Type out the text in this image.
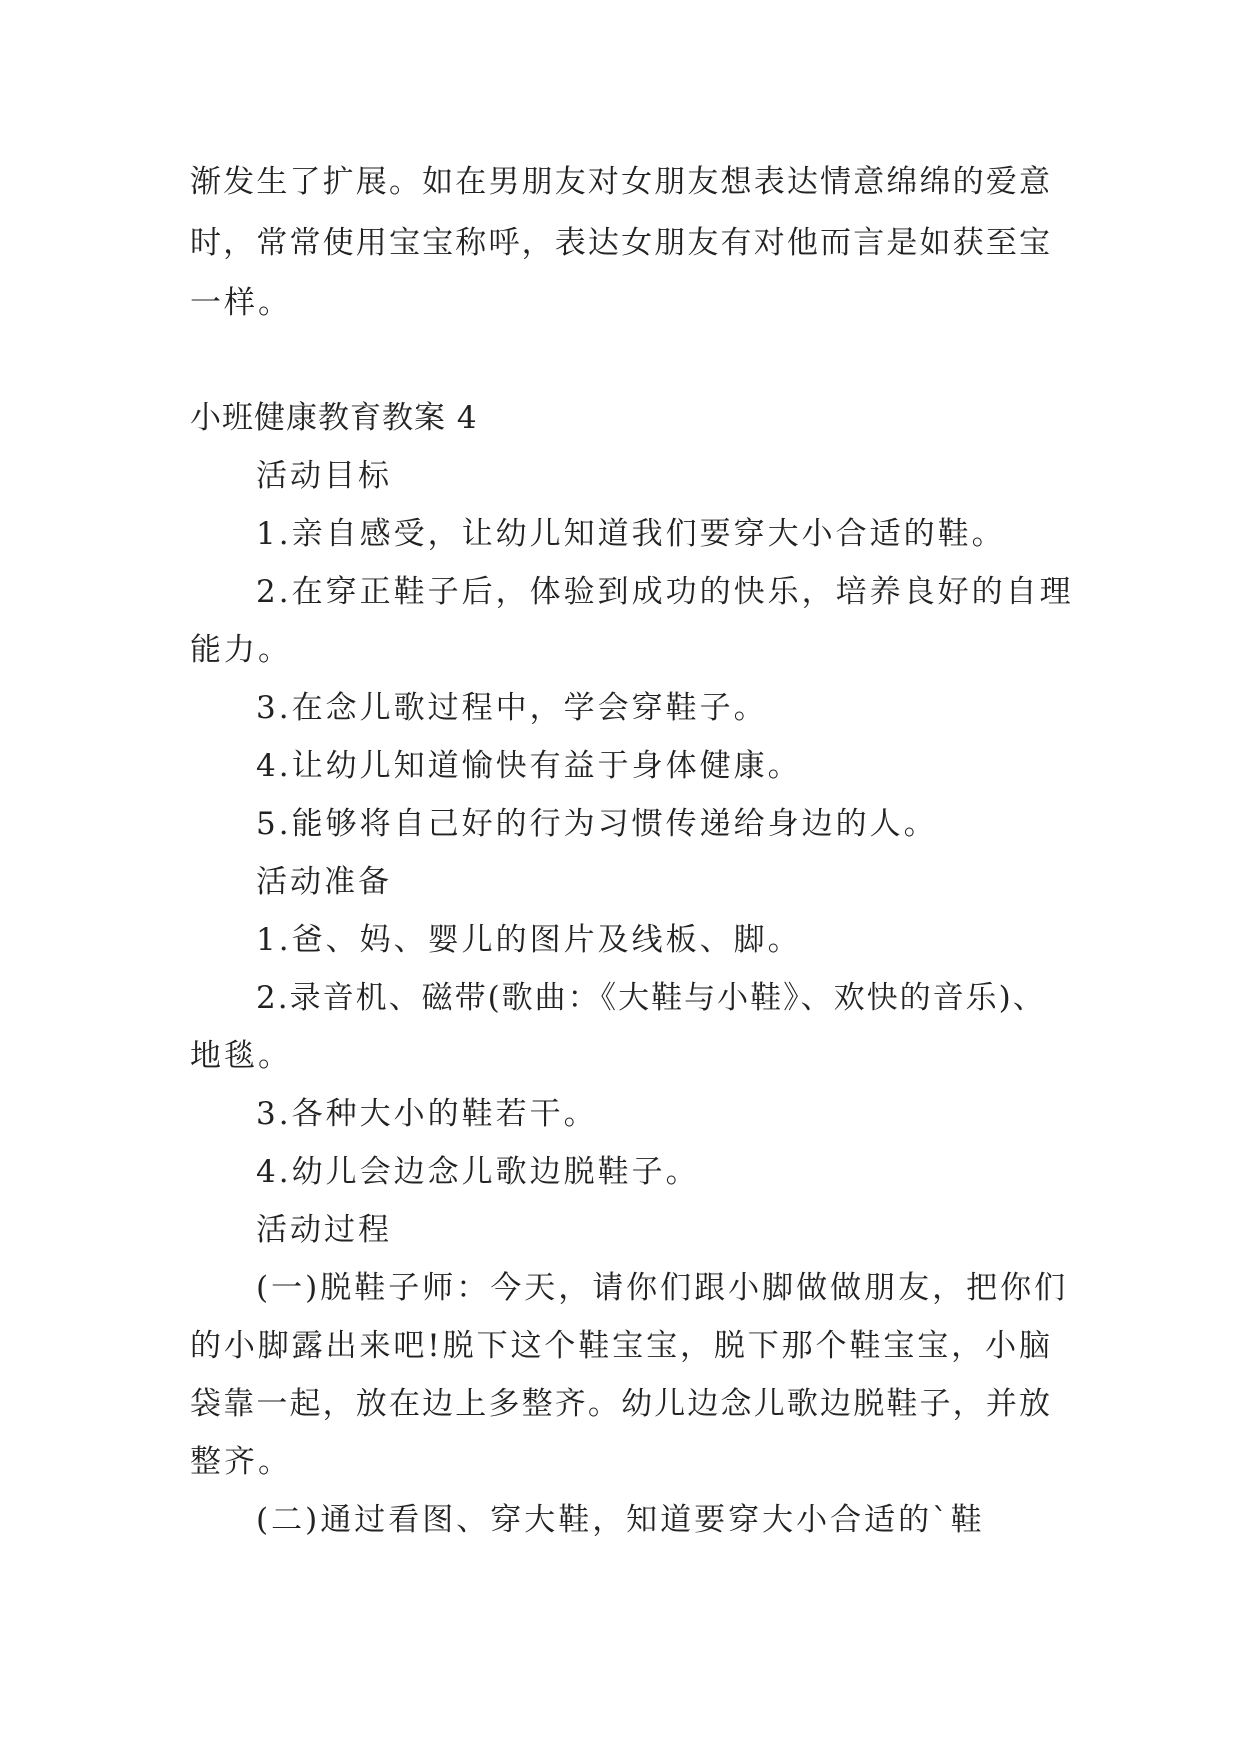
渐发生了扩展。如在男朋友对女朋友想表达情意绵绵的爱意

时，常常使用宝宝称呼，表达女朋友有对他而言是如获至宝

一样。

小班健康教育教案 4

活动目标

1.亲自感受，让幼儿知道我们要穿大小合适的鞋。

2.在穿正鞋子后，体验到成功的快乐，培养良好的自理

能力。

3.在念儿歌过程中，学会穿鞋子。

4.让幼儿知道愉快有益于身体健康。

5.能够将自己好的行为习惯传递给身边的人。

活动准备

1.爸、妈、婴儿的图片及线板、脚。

2.录音机、磁带(歌曲：《大鞋与小鞋》、欢快的音乐)、

地毯。

3.各种大小的鞋若干。

4.幼儿会边念儿歌边脱鞋子。

活动过程

(一)脱鞋子师：今天，请你们跟小脚做做朋友，把你们

的小脚露出来吧!脱下这个鞋宝宝，脱下那个鞋宝宝，小脑

袋靠一起，放在边上多整齐。幼儿边念儿歌边脱鞋子，并放

整齐。

(二)通过看图、穿大鞋，知道要穿大小合适的`鞋
